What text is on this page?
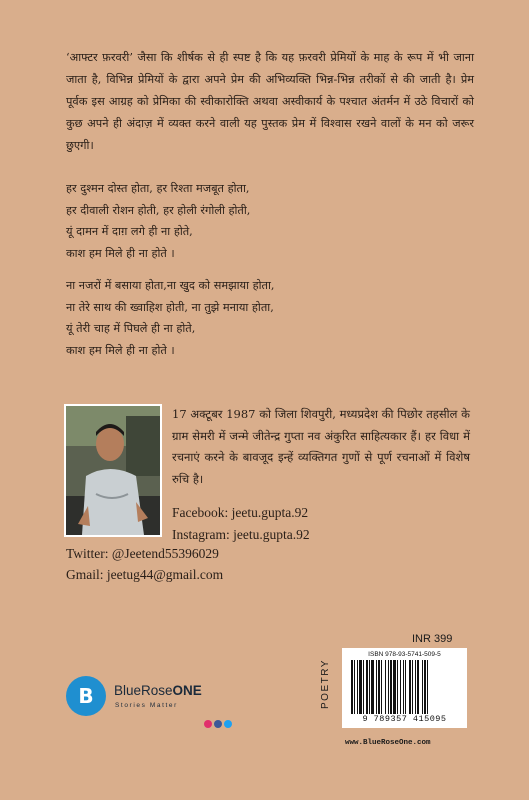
‘आफ्टर फ़रवरी’ जैसा कि शीर्षक से ही स्पष्ट है कि यह फ़रवरी प्रेमियों के माह के रूप में भी जाना जाता है, विभिन्न प्रेमियों के द्वारा अपने प्रेम की अभिव्यक्ति भिन्न-भिन्न तरीकों से की जाती है। प्रेम पूर्वक इस आग्रह को प्रेमिका की स्वीकारोक्ति अथवा अस्वीकार्य के पश्चात अंतर्मन में उठे विचारों को कुछ अपने ही अंदाज़ में व्यक्त करने वाली यह पुस्तक प्रेम में विश्वास रखने वालों के मन को जरूर छुएगी।

हर दुश्मन दोस्त होता, हर रिश्ता मजबूत होता,
हर दीवाली रोशन होती, हर होली रंगोली होती,
यूं दामन में दाग़ लगे ही ना होते,
काश हम मिले ही ना होते ।
ना नजरों में बसाया होता,ना खुद को समझाया होता,
ना तेरे साथ की ख्वाहिश होती, ना तुझे मनाया होता,
यूं तेरी चाह में पिघले ही ना होते,
काश हम मिले ही ना होते ।

17 अक्टूबर 1987 को जिला शिवपुरी, मध्यप्रदेश की पिछोर तहसील के ग्राम सेमरी में जन्मे जीतेन्द्र गुप्ता नव अंकुरित साहित्यकार हैं। हर विधा में रचनाएं करने के बावजूद इन्हें व्यक्तिगत गुणों से पूर्ण रचनाओं में विशेष रुचि है।

Facebook: jeetu.gupta.92
Instagram: jeetu.gupta.92
Twitter: @Jeetend55396029
Gmail: jeetug44@gmail.com
B	BlueRoseONE
Stories Matter
INR 399
POETRY
ISBN 978-93-5741-509-5
9 789357 415095
www.BlueRoseOne.com
